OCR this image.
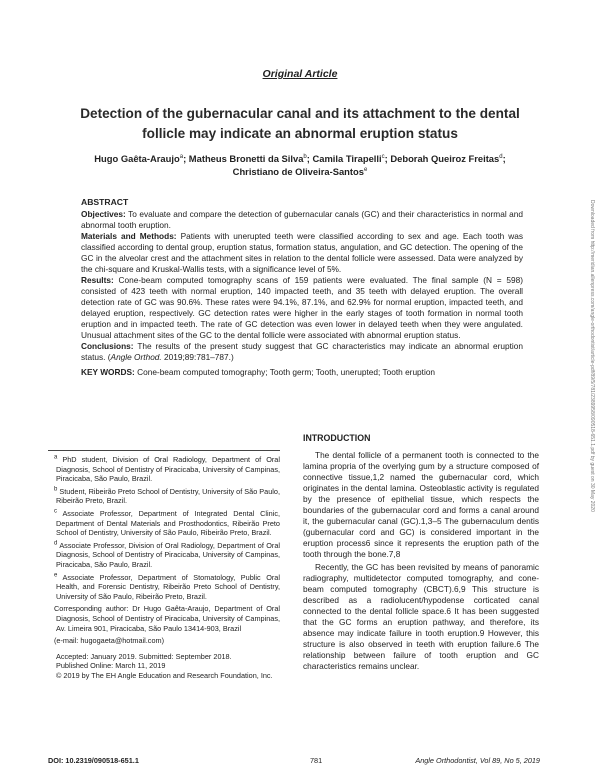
Original Article
Detection of the gubernacular canal and its attachment to the dental follicle may indicate an abnormal eruption status
Hugo Gaêta-Araujo$^a$; Matheus Bronetti da Silva$^b$; Camila Tirapelli$^c$; Deborah Queiroz Freitas$^d$;
Christiano de Oliveira-Santos$^e$
ABSTRACT

Objectives: To evaluate and compare the detection of gubernacular canals (GC) and their characteristics in normal and abnormal tooth eruption.

Materials and Methods: Patients with unerupted teeth were classified according to sex and age. Each tooth was classified according to dental group, eruption status, formation status, angulation, and GC detection. The opening of the GC in the alveolar crest and the attachment sites in relation to the dental follicle were assessed. Data were analyzed by the chi-square and Kruskal-Wallis tests, with a significance level of 5%.

Results: Cone-beam computed tomography scans of 159 patients were evaluated. The final sample (N = 598) consisted of 423 teeth with normal eruption, 140 impacted teeth, and 35 teeth with delayed eruption. The overall detection rate of GC was 90.6%. These rates were 94.1%, 87.1%, and 62.9% for normal eruption, impacted teeth, and delayed eruption, respectively. GC detection rates were higher in the early stages of tooth formation in normal tooth eruption and in impacted teeth. The rate of GC detection was even lower in delayed teeth when they were angulated. Unusual attachment sites of the GC to the dental follicle were associated with abnormal eruption status.

Conclusions: The results of the present study suggest that GC characteristics may indicate an abnormal eruption status. (Angle Orthod. 2019;89:781–787.)

KEY WORDS: Cone-beam computed tomography; Tooth germ; Tooth, unerupted; Tooth eruption	Downloaded from http://meridian.allenpress.com/angle-orthodontist/article-pdf/89/5/781/2389958/090518-651.1.pdf by guest on 30 May 2020

$^a$ PhD student, Division of Oral Radiology, Department of Oral Diagnosis, School of Dentistry of Piracicaba, University of Campinas, Piracicaba, São Paulo, Brazil.

$^b$ Student, Ribeirão Preto School of Dentistry, University of São Paulo, Ribeirão Preto, Brazil.

$^c$ Associate Professor, Department of Integrated Dental Clinic, Department of Dental Materials and Prosthodontics, Ribeirão Preto School of Dentistry, University of São Paulo, Ribeirão Preto, Brazil.

$^d$ Associate Professor, Division of Oral Radiology, Department of Oral Diagnosis, School of Dentistry of Piracicaba, University of Campinas, Piracicaba, São Paulo, Brazil.

$^e$ Associate Professor, Department of Stomatology, Public Oral Health, and Forensic Dentistry, Ribeirão Preto School of Dentistry, University of São Paulo, Ribeirão Preto, Brazil.

Corresponding author: Dr Hugo Gaêta-Araujo, Department of Oral Diagnosis, School of Dentistry of Piracicaba, University of Campinas, Av. Limeira 901, Piracicaba, São Paulo 13414-903, Brazil

(e-mail: hugogaeta@hotmail.com)

Accepted: January 2019. Submitted: September 2018.

Published Online: March 11, 2019

© 2019 by The EH Angle Education and Research Foundation, Inc.

INTRODUCTION

The dental follicle of a permanent tooth is connected to the lamina propria of the overlying gum by a structure composed of connective tissue,1,2 named the gubernacular cord, which originates in the dental lamina. Osteoblastic activity is regulated by the presence of epithelial tissue, which respects the boundaries of the gubernacular cord and forms a canal around it, the gubernacular canal (GC).1,3–5 The gubernaculum dentis (gubernacular cord and GC) is considered important in the eruption process6 since it represents the eruption path of the tooth through the bone.7,8

Recently, the GC has been revisited by means of panoramic radiography, multidetector computed tomography, and cone-beam computed tomography (CBCT).6,9 This structure is described as a radiolucent/hypodense corticated canal connected to the dental follicle space.6 It has been suggested that the GC forms an eruption pathway, and therefore, its absence may indicate failure in tooth eruption.9 However, this structure is also observed in teeth with eruption failure.6 The relationship between failure of tooth eruption and GC characteristics remains unclear.

DOI: 10.2319/090518-651.1	781	Angle Orthodontist, Vol 89, No 5, 2019
